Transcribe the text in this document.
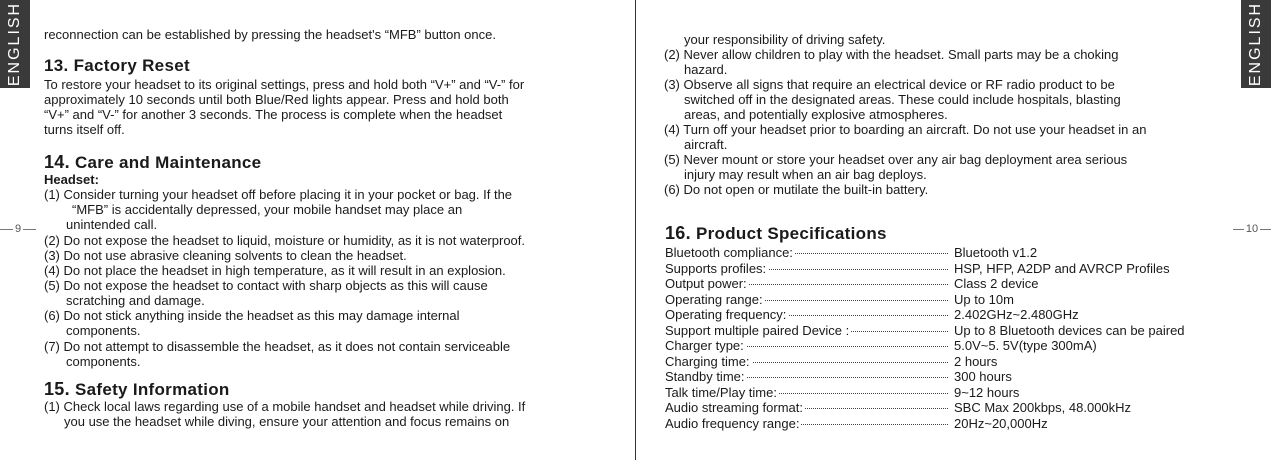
ENGLISH
9
reconnection can be established by pressing the headset's “MFB” button once.
13. Factory Reset
To restore your headset to its original settings, press and hold both “V+” and “V-” for
approximately 10 seconds until both Blue/Red lights appear. Press and hold both
“V+” and “V-” for another 3 seconds. The process is complete when the headset
turns itself off.
14. Care and Maintenance
Headset:
(1) Consider turning your headset off before placing it in your pocket or bag. If the
“MFB” is accidentally depressed, your mobile handset may place an
unintended call.
(2) Do not expose the headset to liquid, moisture or humidity, as it is not waterproof.
(3) Do not use abrasive cleaning solvents to clean the headset.
(4) Do not place the headset in high temperature, as it will result in an explosion.
(5) Do not expose the headset to contact with sharp objects as this will cause
scratching and damage.
(6) Do not stick anything inside the headset as this may damage internal
components.
(7) Do not attempt to disassemble the headset, as it does not contain serviceable
components.
15. Safety Information
(1) Check local laws regarding use of a mobile handset and headset while driving. If
you use the headset while diving, ensure your attention and focus remains on
ENGLISH
10
your responsibility of driving safety.
(2) Never allow children to play with the headset. Small parts may be a choking
hazard.
(3) Observe all signs that require an electrical device or RF radio product to be
switched off in the designated areas. These could include hospitals, blasting
areas, and potentially explosive atmospheres.
(4) Turn off your headset prior to boarding an aircraft. Do not use your headset in an
aircraft.
(5) Never mount or store your headset over any air bag deployment area serious
injury may result when an air bag deploys.
(6) Do not open or mutilate the built-in battery.
16. Product Specifications
Bluetooth compliance:	Bluetooth v1.2
Supports profiles:	HSP, HFP, A2DP and AVRCP Profiles
Output power:	Class 2 device
Operating range:	Up to 10m
Operating frequency:	2.402GHz~2.480GHz
Support multiple paired Device :	Up to 8 Bluetooth devices can be paired
Charger type:	5.0V~5. 5V(type 300mA)
Charging time:	2 hours
Standby time:	300 hours
Talk time/Play time:	9~12 hours
Audio streaming format:	SBC Max 200kbps, 48.000kHz
Audio frequency range:	20Hz~20,000Hz
